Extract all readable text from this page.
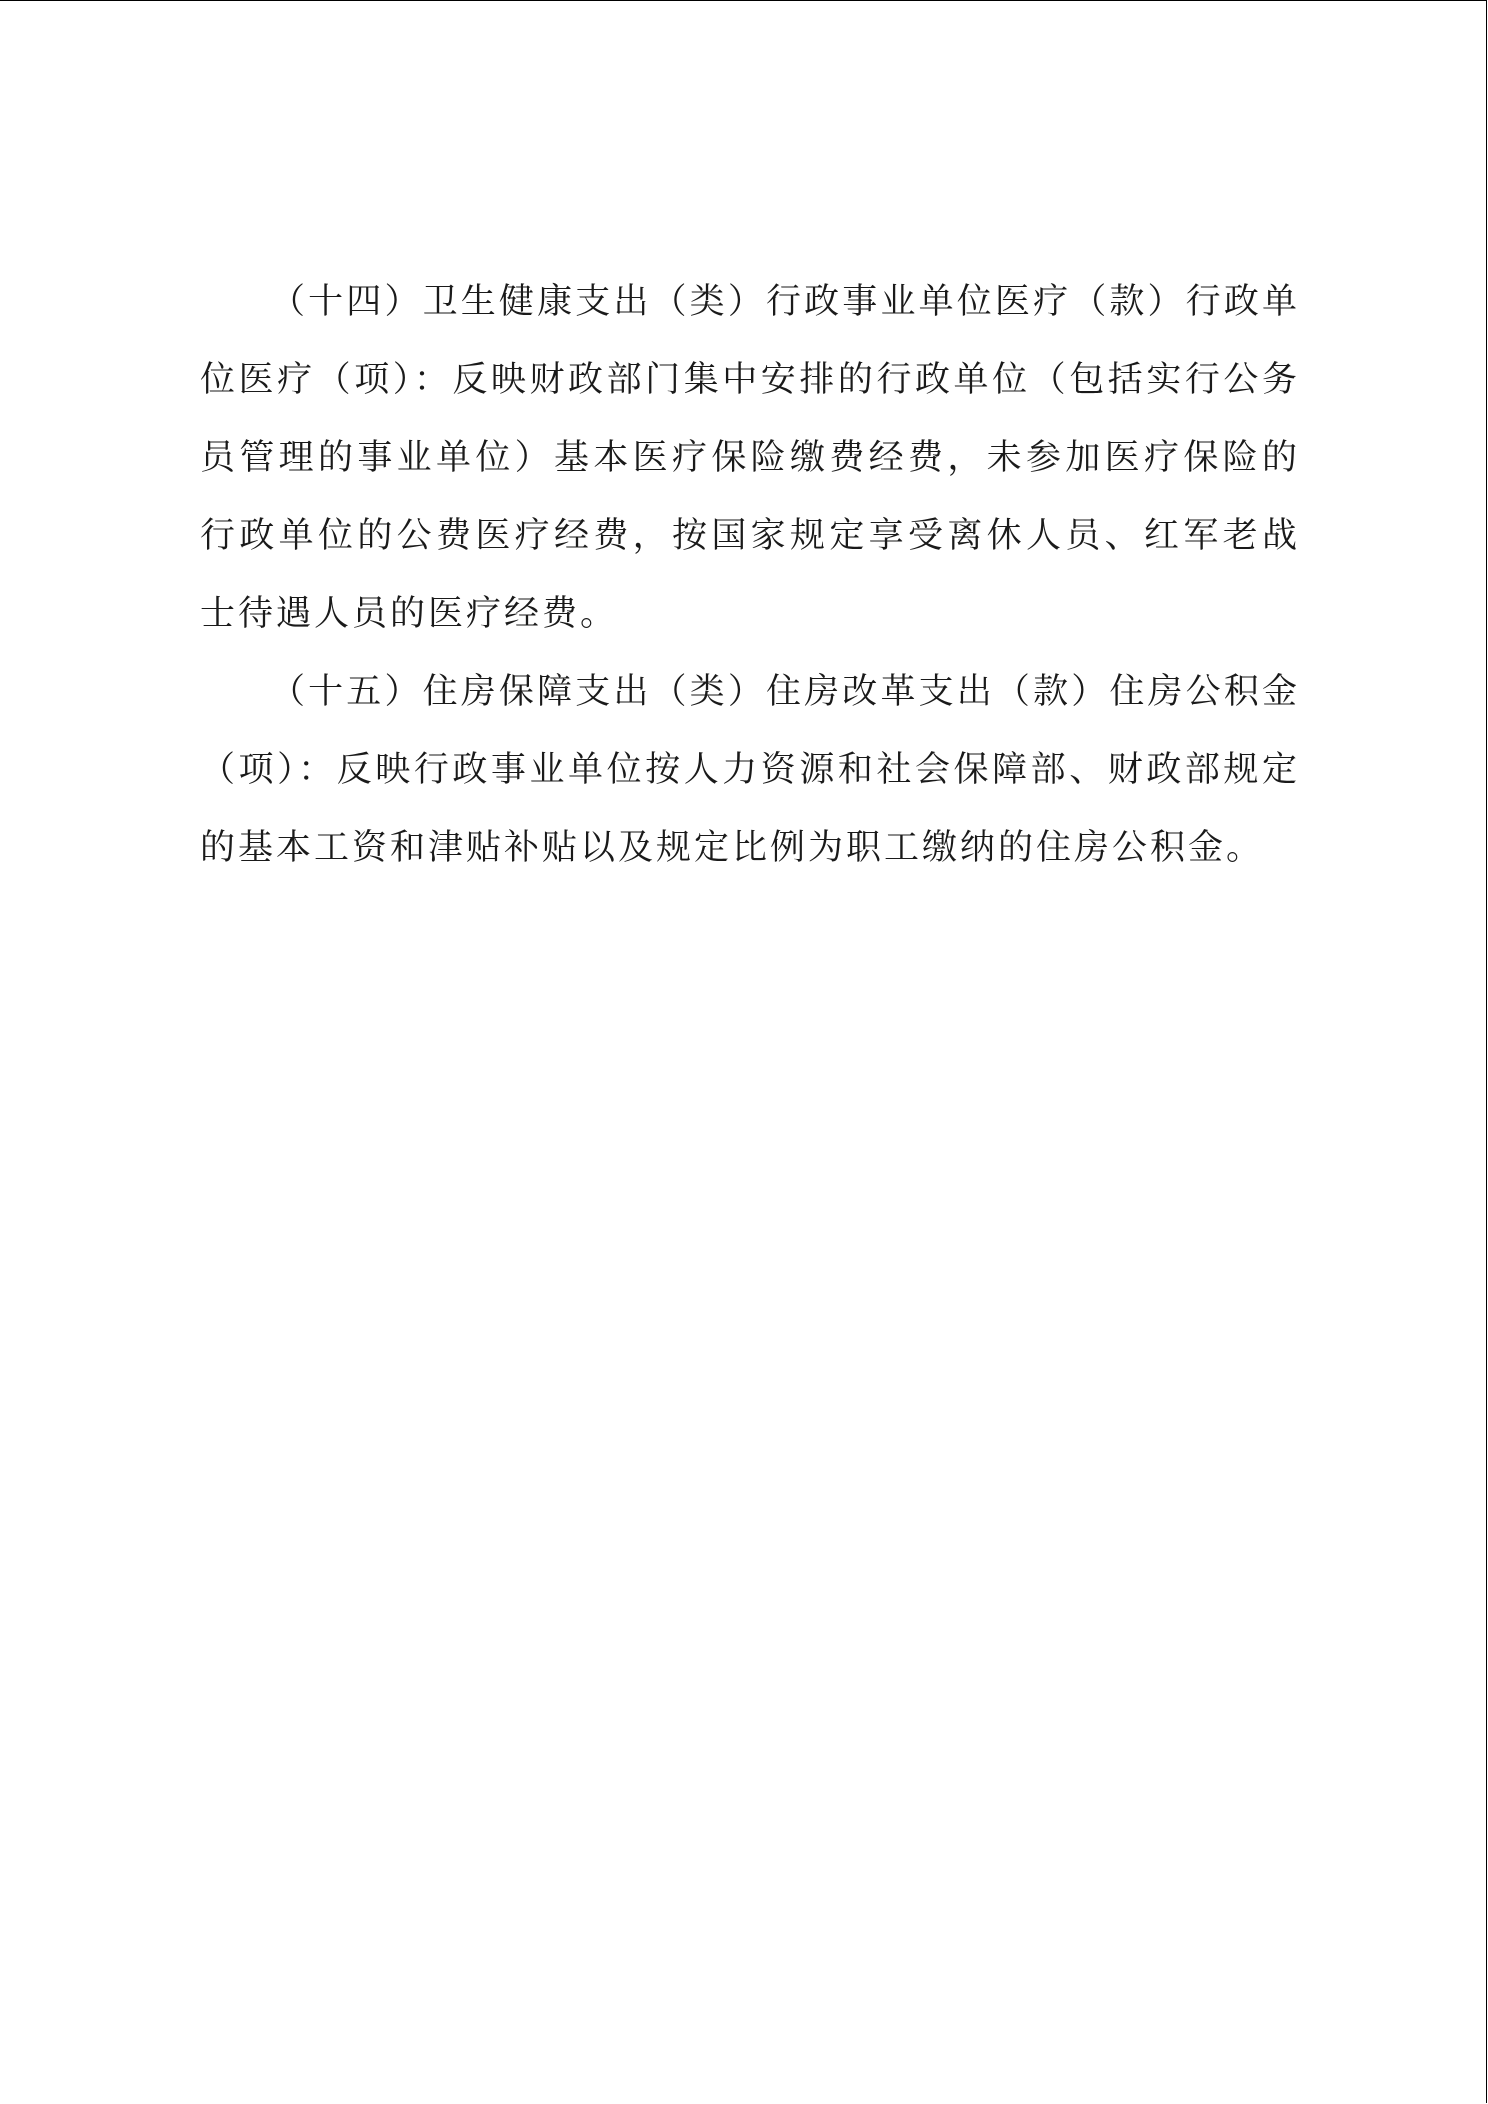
（十四）卫生健康支出（类）行政事业单位医疗（款）行政单位医疗（项）：反映财政部门集中安排的行政单位（包括实行公务员管理的事业单位）基本医疗保险缴费经费，未参加医疗保险的行政单位的公费医疗经费，按国家规定享受离休人员、红军老战士待遇人员的医疗经费。

（十五）住房保障支出（类）住房改革支出（款）住房公积金（项）：反映行政事业单位按人力资源和社会保障部、财政部规定的基本工资和津贴补贴以及规定比例为职工缴纳的住房公积金。
